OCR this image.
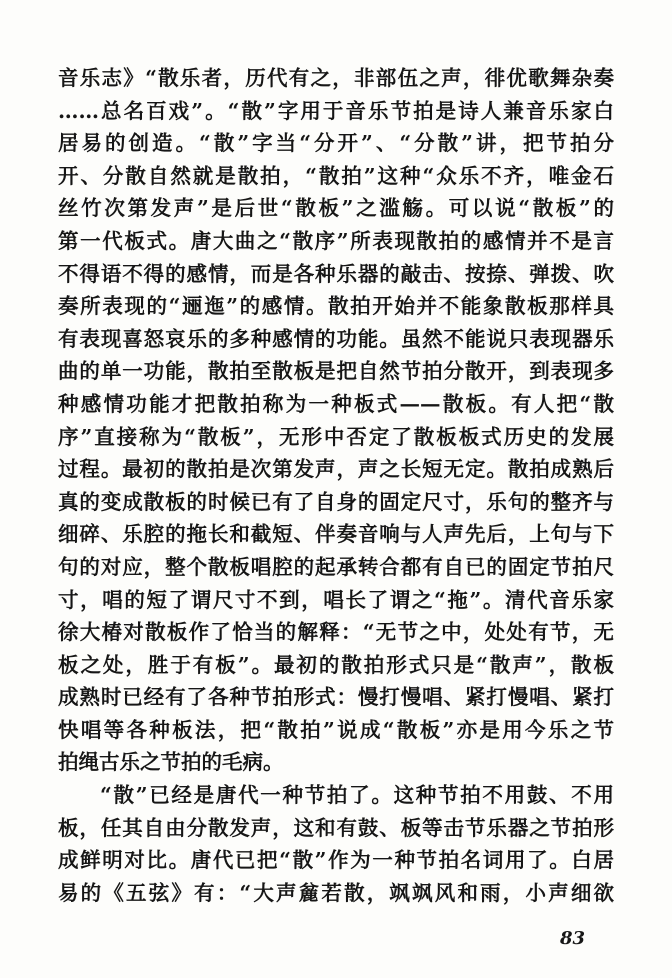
音乐志》“散乐者，历代有之，非部伍之声，徘优歌舞杂奏
……总名百戏”。“散”字用于音乐节拍是诗人兼音乐家白
居易的创造。“散”字当“分开”、“分散”讲，把节拍分
开、分散自然就是散拍，“散拍”这种“众乐不齐，唯金石
丝竹次第发声”是后世“散板”之滥觞。可以说“散板”的
第一代板式。唐大曲之“散序”所表现散拍的感情并不是言
不得语不得的感情，而是各种乐器的敲击、按捺、弹拨、吹
奏所表现的“逦迤”的感情。散拍开始并不能象散板那样具
有表现喜怒哀乐的多种感情的功能。虽然不能说只表现器乐
曲的单一功能，散拍至散板是把自然节拍分散开，到表现多
种感情功能才把散拍称为一种板式——散板。有人把“散
序”直接称为“散板”，无形中否定了散板板式历史的发展
过程。最初的散拍是次第发声，声之长短无定。散拍成熟后
真的变成散板的时候已有了自身的固定尺寸，乐句的整齐与
细碎、乐腔的拖长和截短、伴奏音响与人声先后，上句与下
句的对应，整个散板唱腔的起承转合都有自已的固定节拍尺
寸，唱的短了谓尺寸不到，唱长了谓之“拖”。清代音乐家
徐大椿对散板作了恰当的解释：“无节之中，处处有节，无
板之处，胜于有板”。最初的散拍形式只是“散声”，散板
成熟时已经有了各种节拍形式：慢打慢唱、紧打慢唱、紧打
快唱等各种板法，把“散拍”说成“散板”亦是用今乐之节
拍绳古乐之节拍的毛病。
“散”已经是唐代一种节拍了。这种节拍不用鼓、不用
板，任其自由分散发声，这和有鼓、板等击节乐器之节拍形
成鲜明对比。唐代已把“散”作为一种节拍名词用了。白居
易的《五弦》有：“大声麄若散，飒飒风和雨，小声细欲
83
